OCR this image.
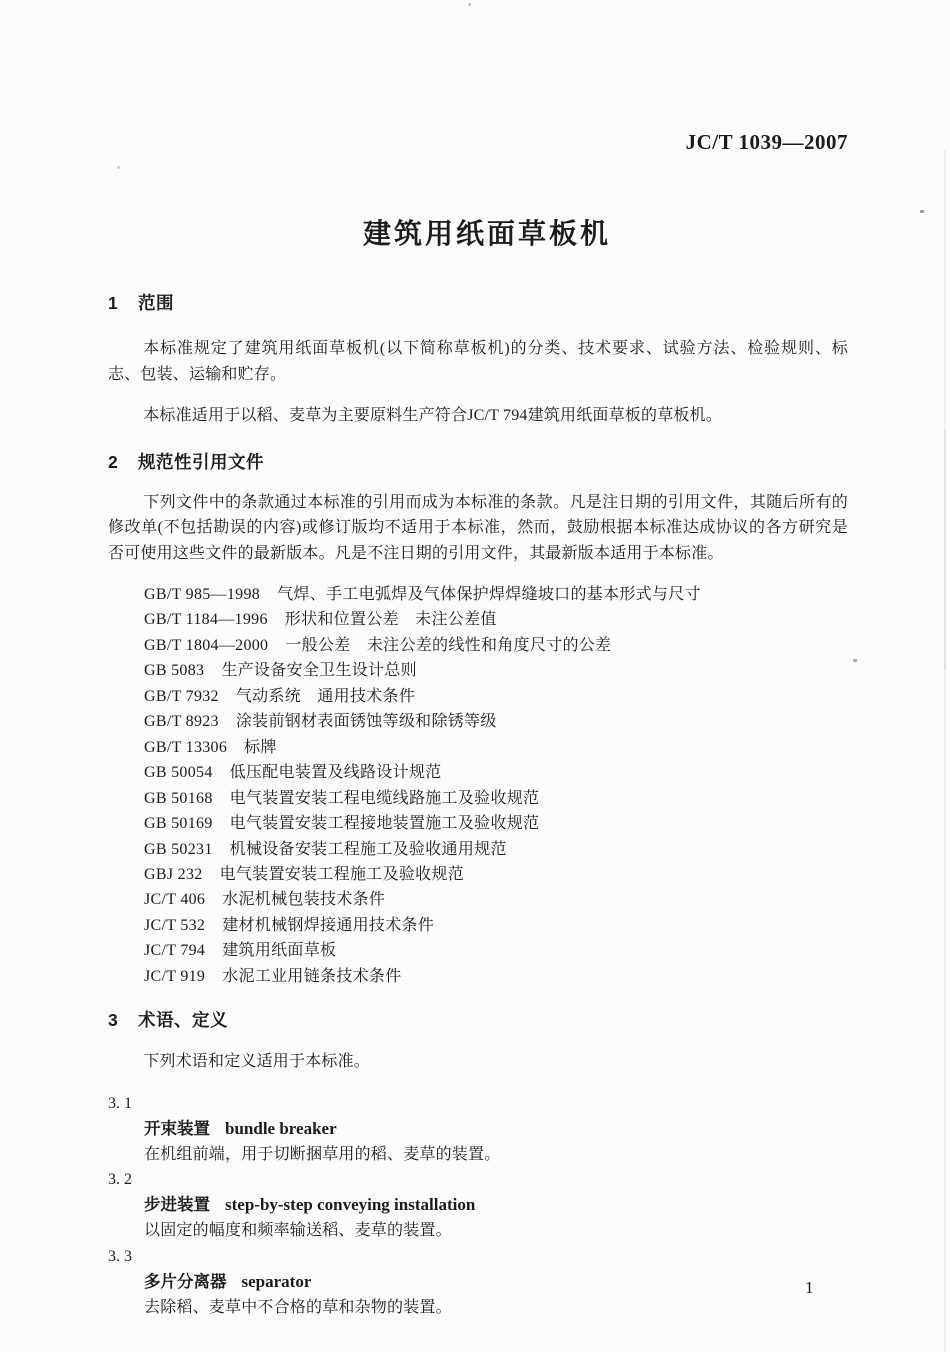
JC/T 1039—2007
建筑用纸面草板机
1 范围

本标准规定了建筑用纸面草板机(以下简称草板机)的分类、技术要求、试验方法、检验规则、标志、包装、运输和贮存。

本标准适用于以稻、麦草为主要原料生产符合JC/T 794建筑用纸面草板的草板机。

2 规范性引用文件

下列文件中的条款通过本标准的引用而成为本标准的条款。凡是注日期的引用文件，其随后所有的修改单(不包括勘误的内容)或修订版均不适用于本标准，然而，鼓励根据本标准达成协议的各方研究是否可使用这些文件的最新版本。凡是不注日期的引用文件，其最新版本适用于本标准。

GB/T 985—1998 气焊、手工电弧焊及气体保护焊焊缝坡口的基本形式与尺寸
GB/T 1184—1996 形状和位置公差　未注公差值
GB/T 1804—2000 一般公差　未注公差的线性和角度尺寸的公差
GB 5083 生产设备安全卫生设计总则
GB/T 7932 气动系统　通用技术条件
GB/T 8923 涂装前钢材表面锈蚀等级和除锈等级
GB/T 13306 标牌
GB 50054 低压配电装置及线路设计规范
GB 50168 电气装置安装工程电缆线路施工及验收规范
GB 50169 电气装置安装工程接地装置施工及验收规范
GB 50231 机械设备安装工程施工及验收通用规范
GBJ 232 电气装置安装工程施工及验收规范
JC/T 406 水泥机械包装技术条件
JC/T 532 建材机械钢焊接通用技术条件
JC/T 794 建筑用纸面草板
JC/T 919 水泥工业用链条技术条件
3 术语、定义

下列术语和定义适用于本标准。

3. 1
开束装置 bundle breaker
在机组前端，用于切断捆草用的稻、麦草的装置。
3. 2
步进装置 step-by-step conveying installation
以固定的幅度和频率输送稻、麦草的装置。
3. 3
多片分离器 separator
去除稻、麦草中不合格的草和杂物的装置。
1
